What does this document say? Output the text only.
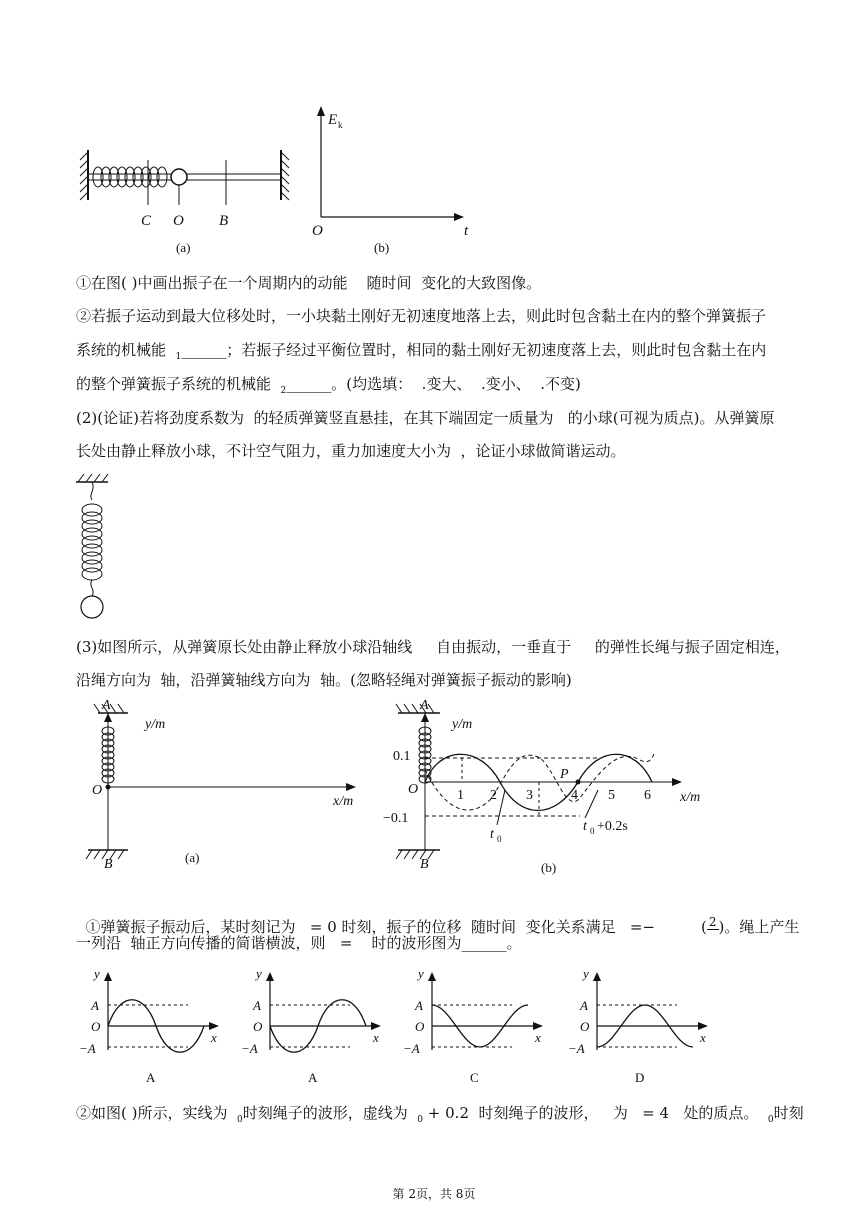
C O B
(a)
E k
t
O
(b)
①在图( )中画出振子在一个周期内的动能    随时间  变化的大致图像。
②若振子运动到最大位移处时，一小块黏土刚好无初速度地落上去，则此时包含黏土在内的整个弹簧振子
系统的机械能  $_1$______；若振子经过平衡位置时，相同的黏土刚好无初速度落上去，则此时包含黏土在内
的整个弹簧振子系统的机械能  $_2$______。(均选填：  .变大、  .变小、  .不变)
(2)(论证)若将劲度系数为  的轻质弹簧竖直悬挂，在其下端固定一质量为   的小球(可视为质点)。从弹簧原
长处由静止释放小球，不计空气阻力，重力加速度大小为  ，论证小球做简谐运动。
(3)如图所示，从弹簧原长处由静止释放小球沿轴线     自由振动，一垂直于     的弹性长绳与振子固定相连，
沿绳方向为  轴，沿弹簧轴线方向为  轴。(忽略轻绳对弹簧振子振动的影响)
A
y/m
x/m
O
B	(a)
A
y/m
x/m
O
0.1
−0.1
1 2 3	4 5 6
P
t 0
t 0 +0.2s
B	(b)

①弹簧振子振动后，某时刻记为   = 0 时刻，振子的位移  随时间  变化关系满足   =−	( $^2$ )。绳上产生

一列沿  轴正方向传播的简谐横波，则   =    时的波形图为______。
y
x
A
O
−A
A
y
x
A
O
−A
A
y
x
A
O
−A
C
y
x
A
O
−A
D
②如图( )所示，实线为  $_0$时刻绳子的波形，虚线为  $_0$ + 0.2  时刻绳子的波形，   为   = 4   处的质点。  $_0$时刻
第 2页，共 8页
